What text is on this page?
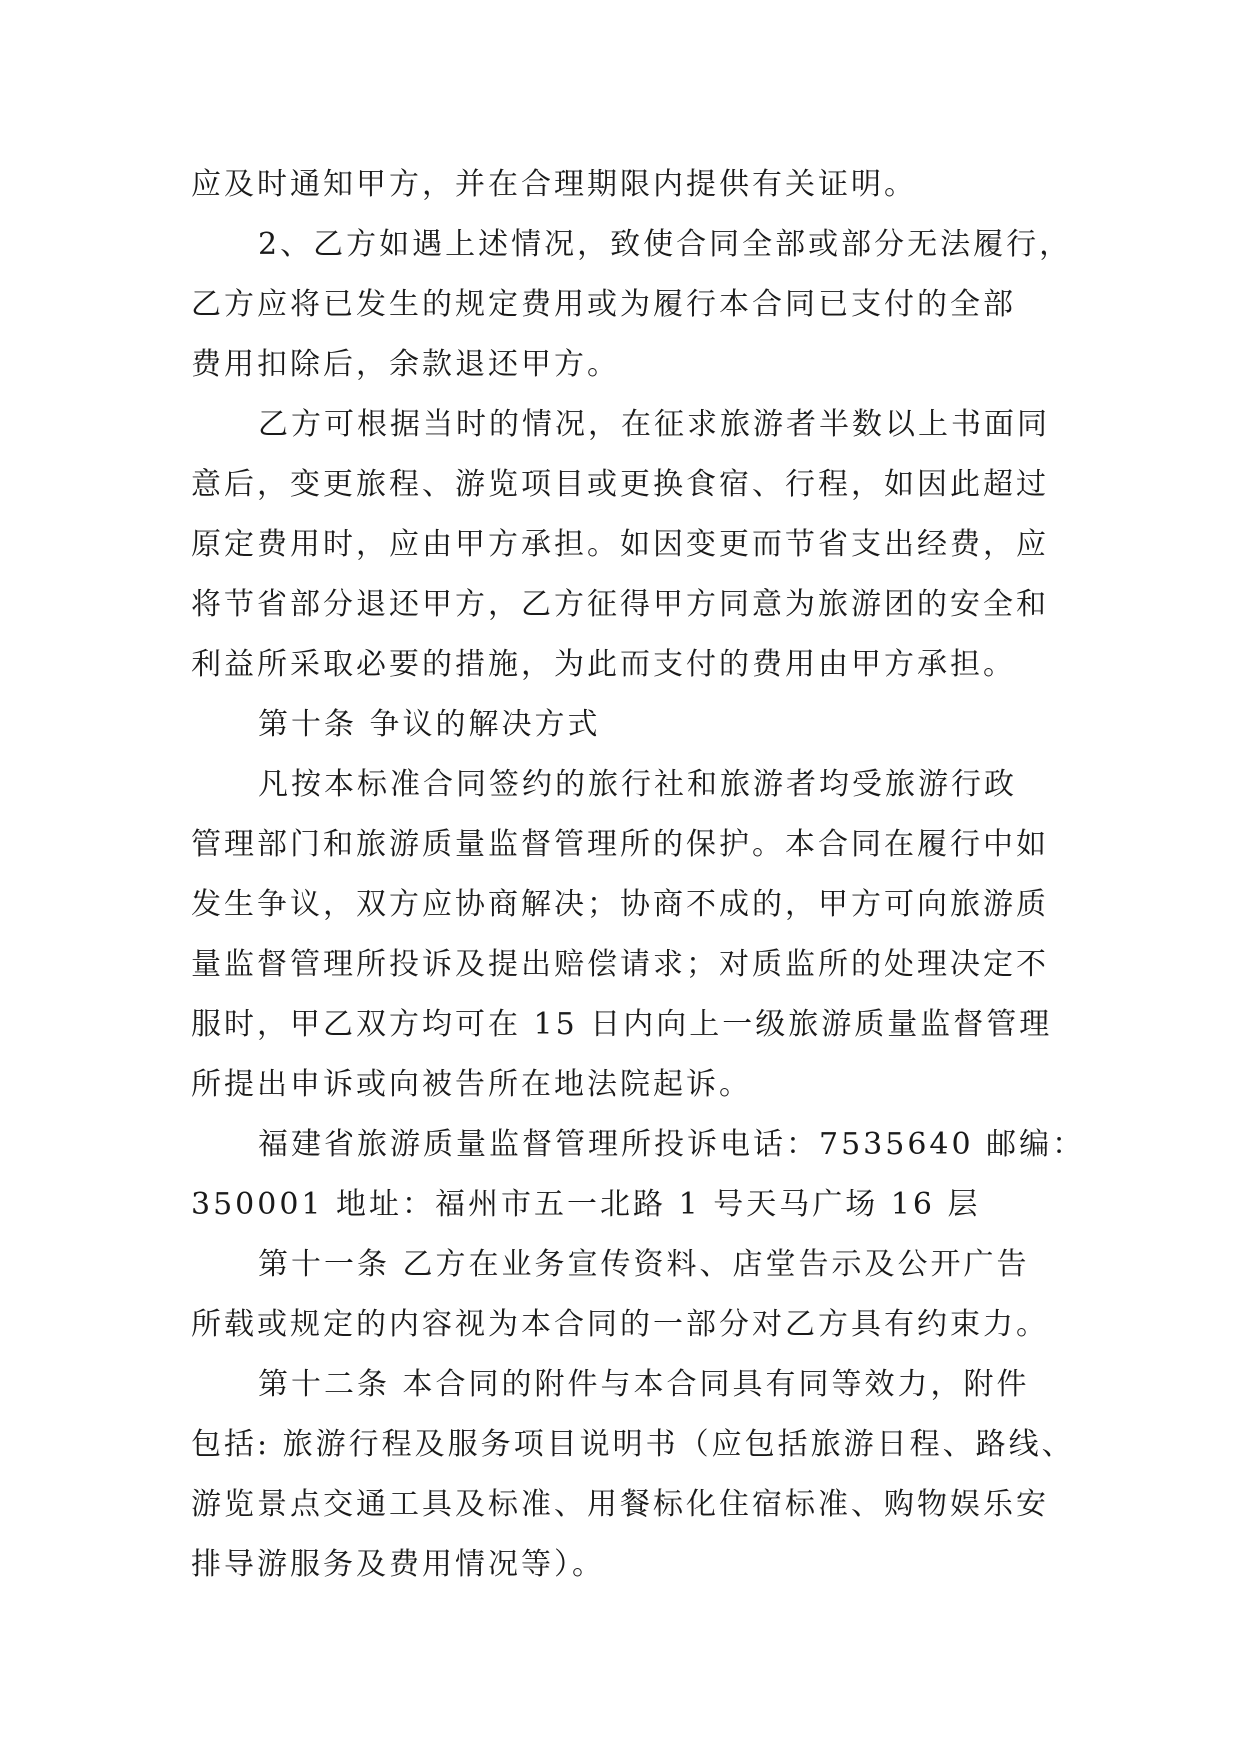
应及时通知甲方，并在合理期限内提供有关证明。
2、乙方如遇上述情况，致使合同全部或部分无法履行，
乙方应将已发生的规定费用或为履行本合同已支付的全部
费用扣除后，余款退还甲方。
乙方可根据当时的情况，在征求旅游者半数以上书面同
意后，变更旅程、游览项目或更换食宿、行程，如因此超过
原定费用时，应由甲方承担。如因变更而节省支出经费，应
将节省部分退还甲方，乙方征得甲方同意为旅游团的安全和
利益所采取必要的措施，为此而支付的费用由甲方承担。
第十条 争议的解决方式
凡按本标准合同签约的旅行社和旅游者均受旅游行政
管理部门和旅游质量监督管理所的保护。本合同在履行中如
发生争议，双方应协商解决；协商不成的，甲方可向旅游质
量监督管理所投诉及提出赔偿请求；对质监所的处理决定不
服时，甲乙双方均可在 15 日内向上一级旅游质量监督管理
所提出申诉或向被告所在地法院起诉。
福建省旅游质量监督管理所投诉电话：7535640 邮编：
350001 地址：福州市五一北路 1 号天马广场 16 层
第十一条 乙方在业务宣传资料、店堂告示及公开广告
所载或规定的内容视为本合同的一部分对乙方具有约束力。
第十二条 本合同的附件与本合同具有同等效力，附件
包括: 旅游行程及服务项目说明书（应包括旅游日程、路线、
游览景点交通工具及标准、用餐标化住宿标准、购物娱乐安
排导游服务及费用情况等）。
